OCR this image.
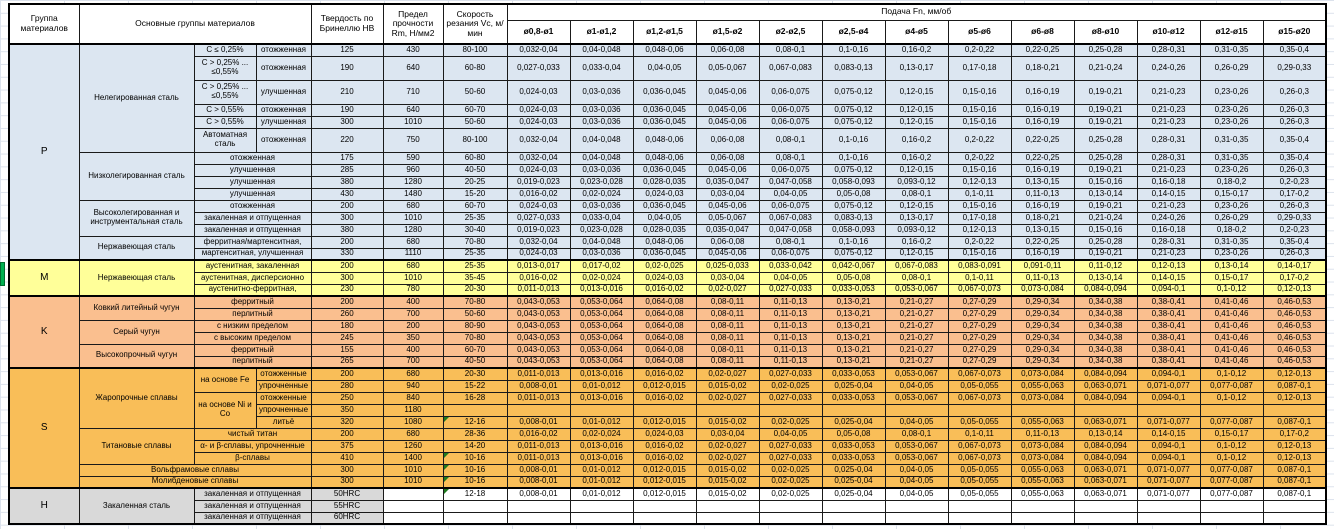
Группа материалов	Основные группы материалов			Твердость по Бринеллю НВ	Предел прочности Rm, Н/мм2	Скорость резания Vc, м/мин	Подача Fn, мм/об												
							ø0,8-ø1	ø1-ø1,2	ø1,2-ø1,5	ø1,5-ø2	ø2-ø2,5	ø2,5-ø4	ø4-ø5	ø5-ø6	ø6-ø8	ø8-ø10	ø10-ø12	ø12-ø15	ø15-ø20
P	Нелегированная сталь	C ≤ 0,25%	отожженная	125	430	80-100	0,032-0,04	0,04-0,048	0,048-0,06	0,06-0,08	0,08-0,1	0,1-0,16	0,16-0,2	0,2-0,22	0,22-0,25	0,25-0,28	0,28-0,31	0,31-0,35	0,35-0,4
		C > 0,25% ... ≤0,55%	отожженная	190	640	60-80	0,027-0,033	0,033-0,04	0,04-0,05	0,05-0,067	0,067-0,083	0,083-0,13	0,13-0,17	0,17-0,18	0,18-0,21	0,21-0,24	0,24-0,26	0,26-0,29	0,29-0,33
		C > 0,25% ... ≤0,55%	улучшенная	210	710	50-60	0,024-0,03	0,03-0,036	0,036-0,045	0,045-0,06	0,06-0,075	0,075-0,12	0,12-0,15	0,15-0,16	0,16-0,19	0,19-0,21	0,21-0,23	0,23-0,26	0,26-0,3
		C > 0,55%	отожженная	190	640	60-70	0,024-0,03	0,03-0,036	0,036-0,045	0,045-0,06	0,06-0,075	0,075-0,12	0,12-0,15	0,15-0,16	0,16-0,19	0,19-0,21	0,21-0,23	0,23-0,26	0,26-0,3
		C > 0,55%	улучшенная	300	1010	50-60	0,024-0,03	0,03-0,036	0,036-0,045	0,045-0,06	0,06-0,075	0,075-0,12	0,12-0,15	0,15-0,16	0,16-0,19	0,19-0,21	0,21-0,23	0,23-0,26	0,26-0,3
		Автоматная сталь	отожженная	220	750	80-100	0,032-0,04	0,04-0,048	0,048-0,06	0,06-0,08	0,08-0,1	0,1-0,16	0,16-0,2	0,2-0,22	0,22-0,25	0,25-0,28	0,28-0,31	0,31-0,35	0,35-0,4
	Низколегированная сталь	отожженная		175	590	60-80	0,032-0,04	0,04-0,048	0,048-0,06	0,06-0,08	0,08-0,1	0,1-0,16	0,16-0,2	0,2-0,22	0,22-0,25	0,25-0,28	0,28-0,31	0,31-0,35	0,35-0,4
		улучшенная		285	960	40-50	0,024-0,03	0,03-0,036	0,036-0,045	0,045-0,06	0,06-0,075	0,075-0,12	0,12-0,15	0,15-0,16	0,16-0,19	0,19-0,21	0,21-0,23	0,23-0,26	0,26-0,3
		улучшенная		380	1280	20-25	0,019-0,023	0,023-0,028	0,028-0,035	0,035-0,047	0,047-0,058	0,058-0,093	0,093-0,12	0,12-0,13	0,13-0,15	0,15-0,16	0,16-0,18	0,18-0,2	0,2-0,23
		улучшенная		430	1480	15-20	0,016-0,02	0,02-0,024	0,024-0,03	0,03-0,04	0,04-0,05	0,05-0,08	0,08-0,1	0,1-0,11	0,11-0,13	0,13-0,14	0,14-0,15	0,15-0,17	0,17-0,2
	Высоколегированная и инструментальная сталь	отожженная		200	680	60-70	0,024-0,03	0,03-0,036	0,036-0,045	0,045-0,06	0,06-0,075	0,075-0,12	0,12-0,15	0,15-0,16	0,16-0,19	0,19-0,21	0,21-0,23	0,23-0,26	0,26-0,3
		закаленная и отпущенная		300	1010	25-35	0,027-0,033	0,033-0,04	0,04-0,05	0,05-0,067	0,067-0,083	0,083-0,13	0,13-0,17	0,17-0,18	0,18-0,21	0,21-0,24	0,24-0,26	0,26-0,29	0,29-0,33
		закаленная и отпущенная		380	1280	30-40	0,019-0,023	0,023-0,028	0,028-0,035	0,035-0,047	0,047-0,058	0,058-0,093	0,093-0,12	0,12-0,13	0,13-0,15	0,15-0,16	0,16-0,18	0,18-0,2	0,2-0,23
	Нержавеющая сталь	ферритная/мартенситная,		200	680	70-80	0,032-0,04	0,04-0,048	0,048-0,06	0,06-0,08	0,08-0,1	0,1-0,16	0,16-0,2	0,2-0,22	0,22-0,25	0,25-0,28	0,28-0,31	0,31-0,35	0,35-0,4
		мартенситная, улучшенная		330	1110	25-35	0,024-0,03	0,03-0,036	0,036-0,045	0,045-0,06	0,06-0,075	0,075-0,12	0,12-0,15	0,15-0,16	0,16-0,19	0,19-0,21	0,21-0,23	0,23-0,26	0,26-0,3
M	Нержавеющая сталь	аустенитная, закаленная		200	680	25-35	0,013-0,017	0,017-0,02	0,02-0,025	0,025-0,033	0,033-0,042	0,042-0,067	0,067-0,083	0,083-0,091	0,091-0,11	0,11-0,12	0,12-0,13	0,13-0,14	0,14-0,17
		аустенитная, дисперсионно		300	1010	35-45	0,016-0,02	0,02-0,024	0,024-0,03	0,03-0,04	0,04-0,05	0,05-0,08	0,08-0,1	0,1-0,11	0,11-0,13	0,13-0,14	0,14-0,15	0,15-0,17	0,17-0,2
		аустенитно-ферритная,		230	780	20-30	0,011-0,013	0,013-0,016	0,016-0,02	0,02-0,027	0,027-0,033	0,033-0,053	0,053-0,067	0,067-0,073	0,073-0,084	0,084-0,094	0,094-0,1	0,1-0,12	0,12-0,13
K	Ковкий литейный чугун	ферритный		200	400	70-80	0,043-0,053	0,053-0,064	0,064-0,08	0,08-0,11	0,11-0,13	0,13-0,21	0,21-0,27	0,27-0,29	0,29-0,34	0,34-0,38	0,38-0,41	0,41-0,46	0,46-0,53
		перлитный		260	700	50-60	0,043-0,053	0,053-0,064	0,064-0,08	0,08-0,11	0,11-0,13	0,13-0,21	0,21-0,27	0,27-0,29	0,29-0,34	0,34-0,38	0,38-0,41	0,41-0,46	0,46-0,53
	Серый чугун	с низким пределом		180	200	80-90	0,043-0,053	0,053-0,064	0,064-0,08	0,08-0,11	0,11-0,13	0,13-0,21	0,21-0,27	0,27-0,29	0,29-0,34	0,34-0,38	0,38-0,41	0,41-0,46	0,46-0,53
		с высоким пределом		245	350	70-80	0,043-0,053	0,053-0,064	0,064-0,08	0,08-0,11	0,11-0,13	0,13-0,21	0,21-0,27	0,27-0,29	0,29-0,34	0,34-0,38	0,38-0,41	0,41-0,46	0,46-0,53
	Высокопрочный чугун	ферритный		155	400	60-70	0,043-0,053	0,053-0,064	0,064-0,08	0,08-0,11	0,11-0,13	0,13-0,21	0,21-0,27	0,27-0,29	0,29-0,34	0,34-0,38	0,38-0,41	0,41-0,46	0,46-0,53
		перлитный		265	700	40-50	0,043-0,053	0,053-0,064	0,064-0,08	0,08-0,11	0,11-0,13	0,13-0,21	0,21-0,27	0,27-0,29	0,29-0,34	0,34-0,38	0,38-0,41	0,41-0,46	0,46-0,53
S	Жаропрочные сплавы	на основе Fe	отожженные	200	680	20-30	0,011-0,013	0,013-0,016	0,016-0,02	0,02-0,027	0,027-0,033	0,033-0,053	0,053-0,067	0,067-0,073	0,073-0,084	0,084-0,094	0,094-0,1	0,1-0,12	0,12-0,13
			упрочненные	280	940	15-22	0,008-0,01	0,01-0,012	0,012-0,015	0,015-0,02	0,02-0,025	0,025-0,04	0,04-0,05	0,05-0,055	0,055-0,063	0,063-0,071	0,071-0,077	0,077-0,087	0,087-0,1
		на основе Ni и Со	отожженные	250	840	16-28	0,011-0,013	0,013-0,016	0,016-0,02	0,02-0,027	0,027-0,033	0,033-0,053	0,053-0,067	0,067-0,073	0,073-0,084	0,084-0,094	0,094-0,1	0,1-0,12	0,12-0,13
			упрочненные	350	1180														
			литьё	320	1080	12-16	0,008-0,01	0,01-0,012	0,012-0,015	0,015-0,02	0,02-0,025	0,025-0,04	0,04-0,05	0,05-0,055	0,055-0,063	0,063-0,071	0,071-0,077	0,077-0,087	0,087-0,1
	Титановые сплавы	чистый титан		200	680	28-36	0,016-0,02	0,02-0,024	0,024-0,03	0,03-0,04	0,04-0,05	0,05-0,08	0,08-0,1	0,1-0,11	0,11-0,13	0,13-0,14	0,14-0,15	0,15-0,17	0,17-0,2
		α- и β-сплавы, упрочненные		375	1260	14-20	0,011-0,013	0,013-0,016	0,016-0,02	0,02-0,027	0,027-0,033	0,033-0,053	0,053-0,067	0,067-0,073	0,073-0,084	0,084-0,094	0,094-0,1	0,1-0,12	0,12-0,13
		β-сплавы		410	1400	10-16	0,011-0,013	0,013-0,016	0,016-0,02	0,02-0,027	0,027-0,033	0,033-0,053	0,053-0,067	0,067-0,073	0,073-0,084	0,084-0,094	0,094-0,1	0,1-0,12	0,12-0,13
	Вольфрамовые сплавы			300	1010	10-16	0,008-0,01	0,01-0,012	0,012-0,015	0,015-0,02	0,02-0,025	0,025-0,04	0,04-0,05	0,05-0,055	0,055-0,063	0,063-0,071	0,071-0,077	0,077-0,087	0,087-0,1
	Молибденовые сплавы			300	1010	10-16	0,008-0,01	0,01-0,012	0,012-0,015	0,015-0,02	0,02-0,025	0,025-0,04	0,04-0,05	0,05-0,055	0,055-0,063	0,063-0,071	0,071-0,077	0,077-0,087	0,087-0,1
H	Закаленная сталь	закаленная и отпущенная		50HRC		12-18	0,008-0,01	0,01-0,012	0,012-0,015	0,015-0,02	0,02-0,025	0,025-0,04	0,04-0,05	0,05-0,055	0,055-0,063	0,063-0,071	0,071-0,077	0,077-0,087	0,087-0,1
		закаленная и отпущенная		55HRC															
		закаленная и отпущенная		60HRC															
